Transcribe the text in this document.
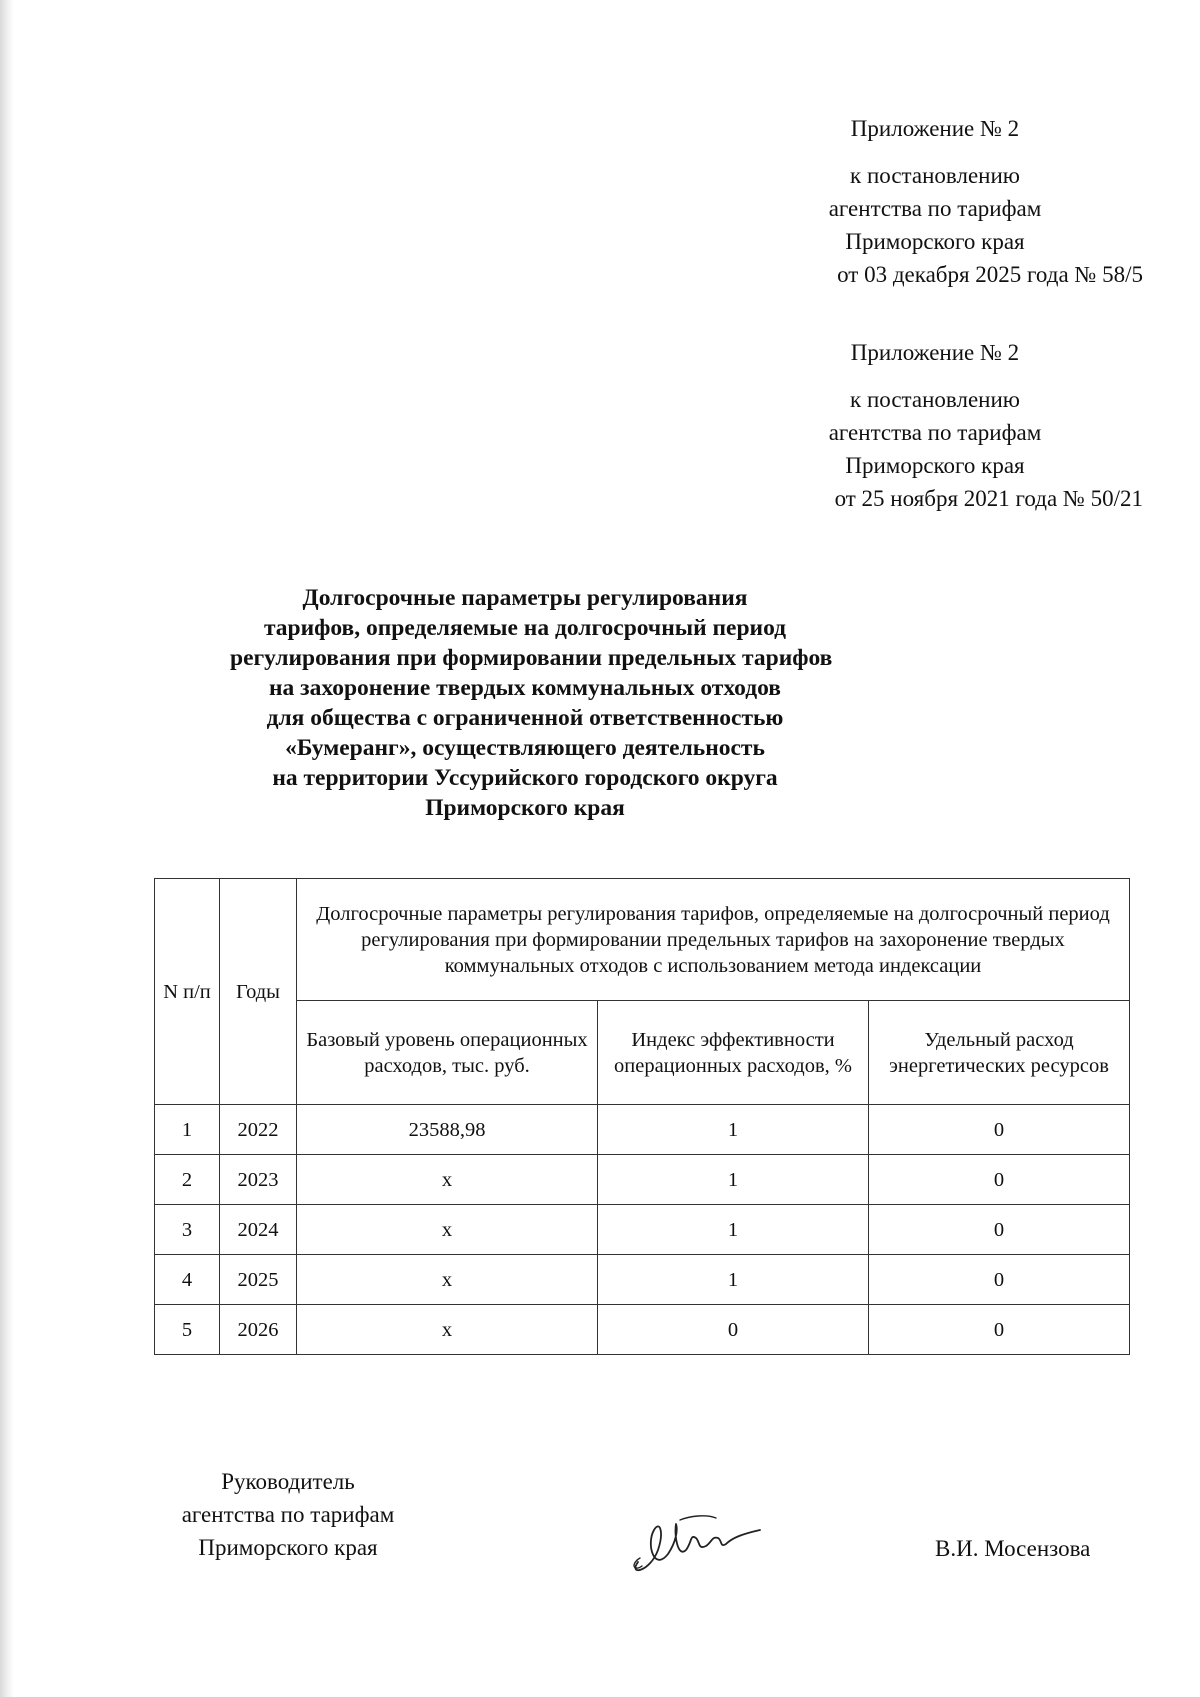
Приложение № 2
к постановлению
агентства по тарифам
Приморского края
от 03 декабря 2025 года № 58/5
Приложение № 2
к постановлению
агентства по тарифам
Приморского края
от 25 ноября 2021 года № 50/21
Долгосрочные параметры регулирования
тарифов, определяемые на долгосрочный период
регулирования при формировании предельных тарифов
на захоронение твердых коммунальных отходов
для общества с ограниченной ответственностью
«Бумеранг», осуществляющего деятельность
на территории Уссурийского городского округа
Приморского края
N п/п	Годы	Долгосрочные параметры регулирования тарифов, определяемые на долгосрочный период регулирования при формировании предельных тарифов на захоронение твердых коммунальных отходов с использованием метода индексации		
		Базовый уровень операционных расходов, тыс. руб.	Индекс эффективности операционных расходов, %	Удельный расход энергетических ресурсов
1	2022	23588,98	1	0
2	2023	x	1	0
3	2024	x	1	0
4	2025	x	1	0
5	2026	x	0	0
Руководитель
агентства по тарифам
Приморского края	В.И. Мосензова
